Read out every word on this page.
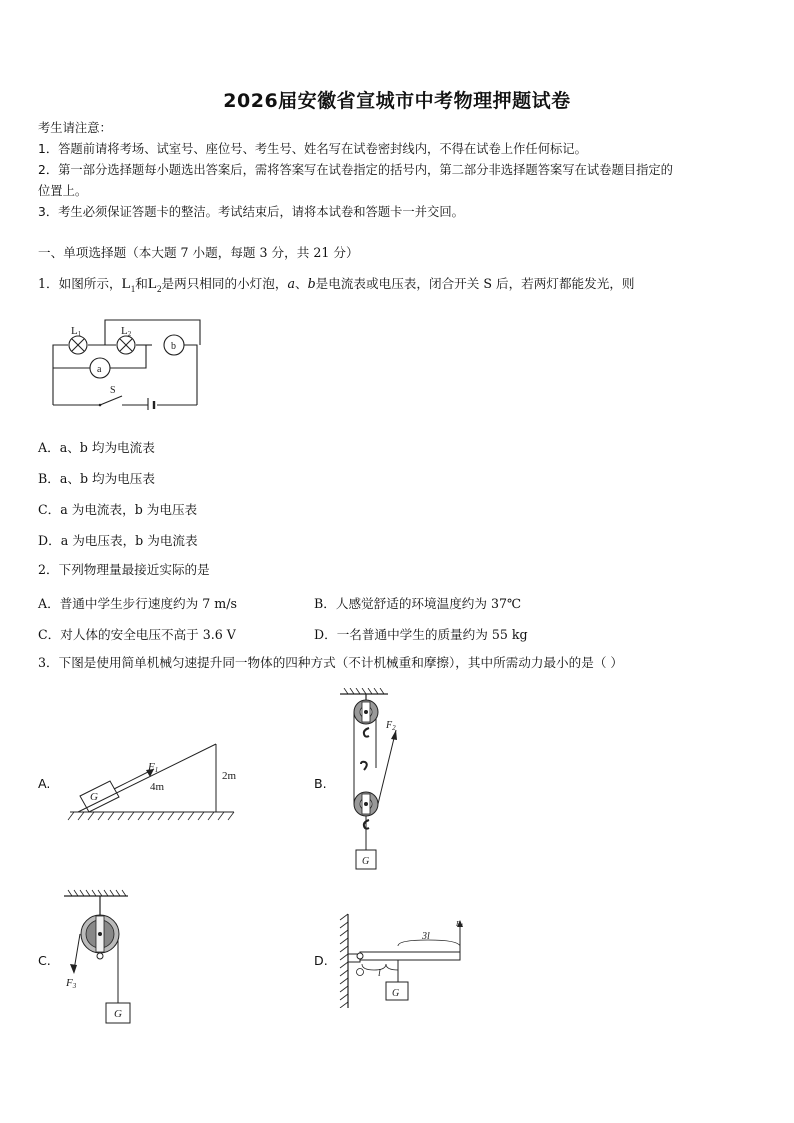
2026届安徽省宣城市中考物理押题试卷
考生请注意：
1．答题前请将考场、试室号、座位号、考生号、姓名写在试卷密封线内，不得在试卷上作任何标记。
2．第一部分选择题每小题选出答案后，需将答案写在试卷指定的括号内，第二部分非选择题答案写在试卷题目指定的
位置上。
3．考生必须保证答题卡的整洁。考试结束后，请将本试卷和答题卡一并交回。
一、单项选择题（本大题 7 小题，每题 3 分，共 21 分）
1．如图所示，$L_1$和$L_2$是两只相同的小灯泡，a、b是电流表或电压表，闭合开关 S 后，若两灯都能发光，则
L1	L2
a
b
S
A．a、b 均为电流表
B．a、b 均为电压表
C．a 为电流表，b 为电压表
D．a 为电压表，b 为电流表
2．下列物理量最接近实际的是
A．普通中学生步行速度约为 7 m/s	B．人感觉舒适的环境温度约为 37℃
C．对人体的安全电压不高于 3.6 V	D．一名普通中学生的质量约为 55 kg
3．下图是使用简单机械匀速提升同一物体的四种方式（不计机械重和摩擦），其中所需动力最小的是（ ）
A.	B.
C.	D.
G
F1
4m
2m
$F_2$
G
F3
G
F4
3l
l
G
